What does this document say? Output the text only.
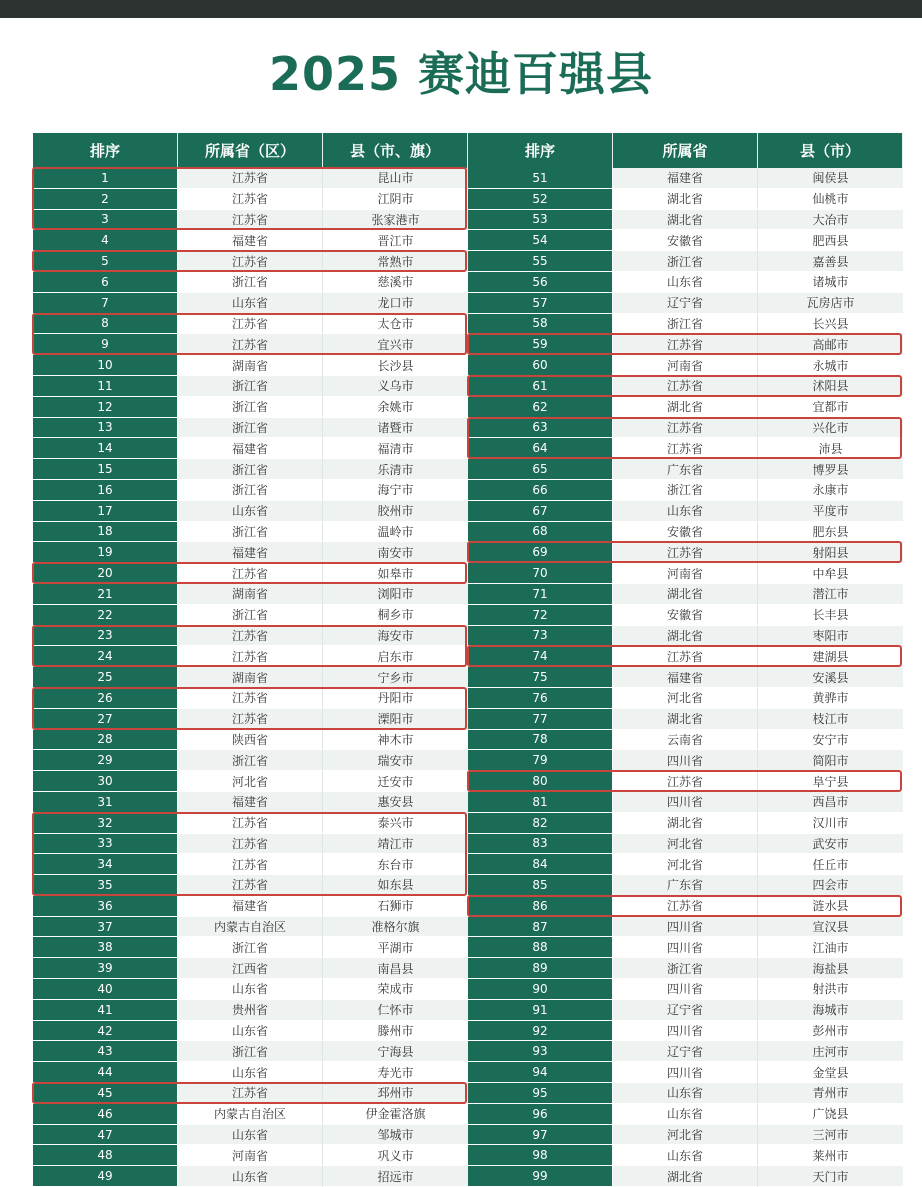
2025 赛迪百强县
排序	所属省（区）	县（市、旗）
1	江苏省	昆山市
2	江苏省	江阴市
3	江苏省	张家港市
4	福建省	晋江市
5	江苏省	常熟市
6	浙江省	慈溪市
7	山东省	龙口市
8	江苏省	太仓市
9	江苏省	宜兴市
10	湖南省	长沙县
11	浙江省	义乌市
12	浙江省	余姚市
13	浙江省	诸暨市
14	福建省	福清市
15	浙江省	乐清市
16	浙江省	海宁市
17	山东省	胶州市
18	浙江省	温岭市
19	福建省	南安市
20	江苏省	如皋市
21	湖南省	浏阳市
22	浙江省	桐乡市
23	江苏省	海安市
24	江苏省	启东市
25	湖南省	宁乡市
26	江苏省	丹阳市
27	江苏省	溧阳市
28	陕西省	神木市
29	浙江省	瑞安市
30	河北省	迁安市
31	福建省	惠安县
32	江苏省	泰兴市
33	江苏省	靖江市
34	江苏省	东台市
35	江苏省	如东县
36	福建省	石狮市
37	内蒙古自治区	准格尔旗
38	浙江省	平湖市
39	江西省	南昌县
40	山东省	荣成市
41	贵州省	仁怀市
42	山东省	滕州市
43	浙江省	宁海县
44	山东省	寿光市
45	江苏省	邳州市
46	内蒙古自治区	伊金霍洛旗
47	山东省	邹城市
48	河南省	巩义市
49	山东省	招远市
排序	所属省	县（市）
51	福建省	闽侯县
52	湖北省	仙桃市
53	湖北省	大冶市
54	安徽省	肥西县
55	浙江省	嘉善县
56	山东省	诸城市
57	辽宁省	瓦房店市
58	浙江省	长兴县
59	江苏省	高邮市
60	河南省	永城市
61	江苏省	沭阳县
62	湖北省	宜都市
63	江苏省	兴化市
64	江苏省	沛县
65	广东省	博罗县
66	浙江省	永康市
67	山东省	平度市
68	安徽省	肥东县
69	江苏省	射阳县
70	河南省	中牟县
71	湖北省	潜江市
72	安徽省	长丰县
73	湖北省	枣阳市
74	江苏省	建湖县
75	福建省	安溪县
76	河北省	黄骅市
77	湖北省	枝江市
78	云南省	安宁市
79	四川省	简阳市
80	江苏省	阜宁县
81	四川省	西昌市
82	湖北省	汉川市
83	河北省	武安市
84	河北省	任丘市
85	广东省	四会市
86	江苏省	涟水县
87	四川省	宣汉县
88	四川省	江油市
89	浙江省	海盐县
90	四川省	射洪市
91	辽宁省	海城市
92	四川省	彭州市
93	辽宁省	庄河市
94	四川省	金堂县
95	山东省	青州市
96	山东省	广饶县
97	河北省	三河市
98	山东省	莱州市
99	湖北省	天门市
